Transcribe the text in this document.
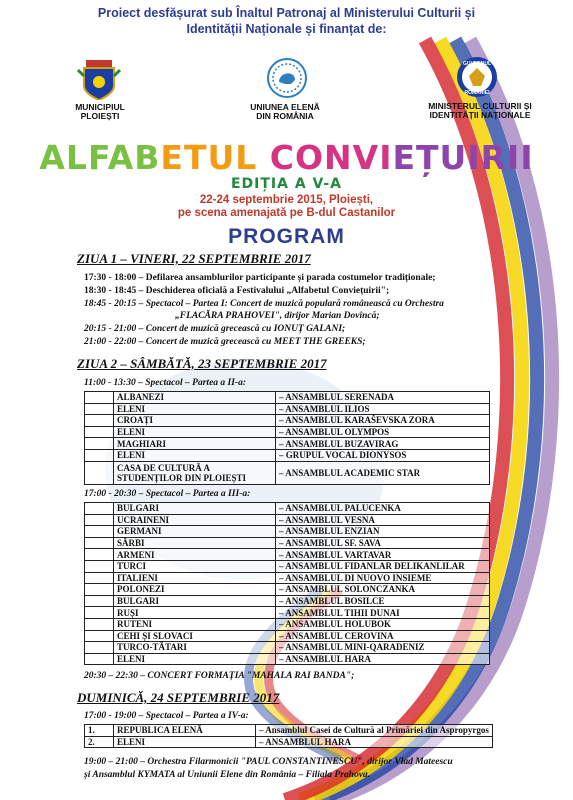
Proiect desfășurat sub Înaltul Patronaj al Ministerului Culturii și
Identității Naționale și finanțat de:
MUNICIPIUL
PLOIEȘTI
UNIUNEA ELENĂ
DIN ROMÂNIA
GUVERNUL
ROMÂNIEI
MINISTERUL CULTURII ȘI
IDENTITĂȚII NAȚIONALE
ALFABETUL CONVIEȚUIRII
EDIȚIA A V-A
22-24 septembrie 2015, Ploiești,
pe scena amenajată pe B-dul Castanilor
PROGRAM
ZIUA 1 – VINERI, 22 SEPTEMBRIE 2017
17:30 - 18:00 – Defilarea ansamblurilor participante și parada costumelor tradiționale;
18:30 - 18:45 – Deschiderea oficială a Festivalului „Alfabetul Conviețuirii";
18:45 - 20:15 – Spectacol – Partea I: Concert de muzică populară românească cu Orchestra
„FLACĂRA PRAHOVEI", dirijor Marian Dovîncă;
20:15 - 21:00 – Concert de muzică grecească cu IONUȚ GALANI;
21:00 - 22:00 – Concert de muzică grecească cu MEET THE GREEKS;
ZIUA 2 – SÂMBĂTĂ, 23 SEPTEMBRIE 2017
11:00 - 13:30 – Spectacol – Partea a II-a:
	ALBANEZI	– ANSAMBLUL SERENADA
	ELENI	– ANSAMBLUL ILIOS
	CROAȚI	– ANSAMBLUL KARAŠEVSKA ZORA
	ELENI	– ANSAMBLUL OLYMPOS
	MAGHIARI	– ANSAMBLUL BUZAVIRAG
	ELENI	– GRUPUL VOCAL DIONYSOS
	CASA DE CULTURĂ A
STUDENȚILOR DIN PLOIEȘTI	– ANSAMBLUL ACADEMIC STAR
17:00 - 20:30 – Spectacol – Partea a III-a:
	BULGARI	– ANSAMBLUL PALUCENKA
	UCRAINENI	– ANSAMBLUL VESNA
	GERMANI	– ANSAMBLUL ENZIAN
	SÂRBI	– ANSAMBLUL SF. SAVA
	ARMENI	– ANSAMBLUL VARTAVAR
	TURCI	– ANSAMBLUL FIDANLAR DELIKANLILAR
	ITALIENI	– ANSAMBLUL DI NUOVO INSIEME
	POLONEZI	– ANSAMBLUL SOLONCZANKA
	BULGARI	– ANSAMBLUL BOSILCE
	RUȘI	– ANSAMBLUL TIHII DUNAI
	RUTENI	– ANSAMBLUL HOLUBOK
	CEHI ȘI SLOVACI	– ANSAMBLUL CEROVINA
	TURCO-TĂTARI	– ANSAMBLUL MINI-QARADENIZ
	ELENI	– ANSAMBLUL HARA
20:30 – 22:30 – CONCERT FORMAȚIA "MAHALA RAI BANDA";
DUMINICĂ, 24 SEPTEMBRIE 2017
17:00 - 19:00 – Spectacol – Partea a IV-a:
1.	REPUBLICA ELENĂ	– Ansamblul Casei de Cultură al Primăriei din Aspropyrgos
2.	ELENI	– ANSAMBLUL HARA
19:00 – 21:00 – Orchestra Filarmonicii "PAUL CONSTANTINESCU", dirijor Vlad Mateescu
și Ansamblul KYMATA al Uniunii Elene din România – Filiala Prahova.
